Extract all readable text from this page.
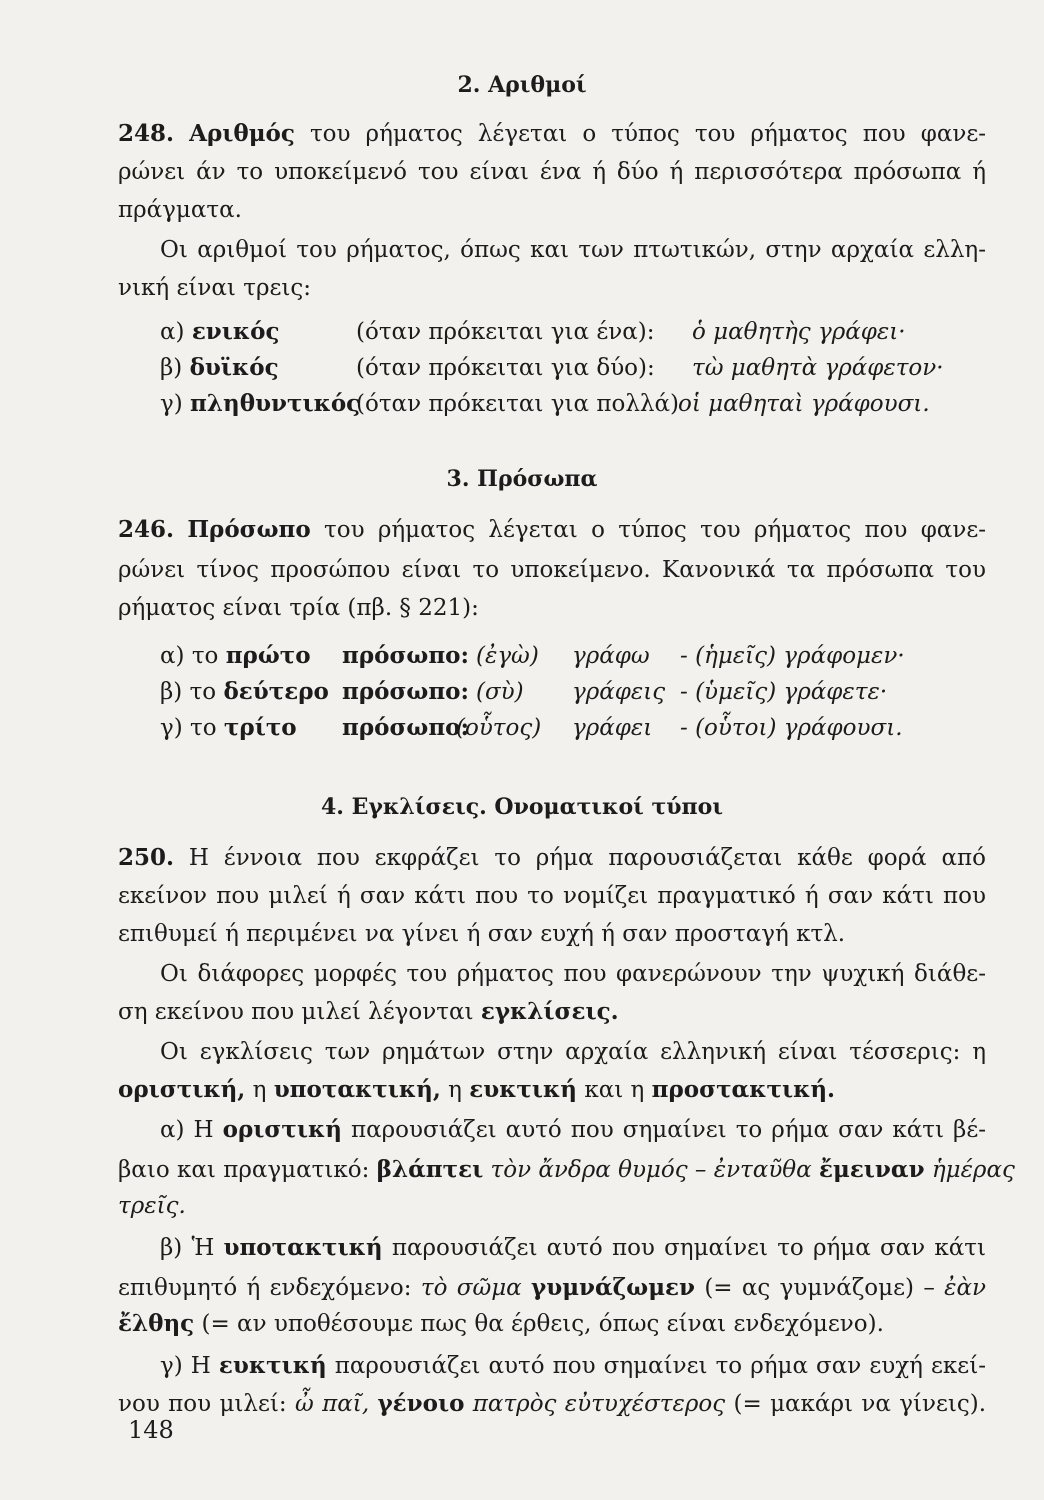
2. Αριθμοί
248. Αριθμός του ρήματος λέγεται ο τύπος του ρήματος που φανε-
ρώνει άν το υποκείμενό του είναι ένα ή δύο ή περισσότερα πρόσωπα ή
πράγματα.
Οι αριθμοί του ρήματος, όπως και των πτωτικών, στην αρχαία ελλη-
νική είναι τρεις:
α) ενικός	(όταν πρόκειται για ένα): ὁ μαθητὴς γράφει·
β) δυϊκός	(όταν πρόκειται για δύο): τὼ μαθητὰ γράφετον·
γ) πληθυντικός
(όταν πρόκειται για πολλά) οἱ μαθηταὶ γράφουσι.
3. Πρόσωπα
246. Πρόσωπο του ρήματος λέγεται ο τύπος του ρήματος που φανε-
ρώνει τίνος προσώπου είναι το υποκείμενο. Κανονικά τα πρόσωπα του
ρήματος είναι τρία (πβ. § 221):
α) το πρώτο πρόσωπο: (ἐγὼ) γράφω - (ἡμεῖς) γράφομεν·
β) το δεύτερο πρόσωπο: (σὺ) γράφεις - (ὑμεῖς) γράφετε·
γ) το τρίτο πρόσωπο:
(οὗτος) γράφει - (οὗτοι) γράφουσι.
4. Εγκλίσεις. Ονοματικοί τύποι
250. Η έννοια που εκφράζει το ρήμα παρουσιάζεται κάθε φορά από
εκείνον που μιλεί ή σαν κάτι που το νομίζει πραγματικό ή σαν κάτι που
επιθυμεί ή περιμένει να γίνει ή σαν ευχή ή σαν προσταγή κτλ.
Οι διάφορες μορφές του ρήματος που φανερώνουν την ψυχική διάθε-
ση εκείνου που μιλεί λέγονται εγκλίσεις.
Οι εγκλίσεις των ρημάτων στην αρχαία ελληνική είναι τέσσερις: η
οριστική, η υποτακτική, η ευκτική και η προστακτική.
α) Η οριστική παρουσιάζει αυτό που σημαίνει το ρήμα σαν κάτι βέ-
βαιο και πραγματικό: βλάπτει τὸν ἄνδρα θυμός – ἐνταῦθα ἔμειναν ἡμέρας
τρεῖς.
β) Ἡ υποτακτική παρουσιάζει αυτό που σημαίνει το ρήμα σαν κάτι
επιθυμητό ή ενδεχόμενο: τὸ σῶμα γυμνάζωμεν (= ας γυμνάζομε) – ἐὰν
ἔλθης (= αν υποθέσουμε πως θα έρθεις, όπως είναι ενδεχόμενο).
γ) Η ευκτική παρουσιάζει αυτό που σημαίνει το ρήμα σαν ευχή εκεί-
νου που μιλεί: ὦ παῖ, γένοιο πατρὸς εὐτυχέστερος (= μακάρι να γίνεις).
148
